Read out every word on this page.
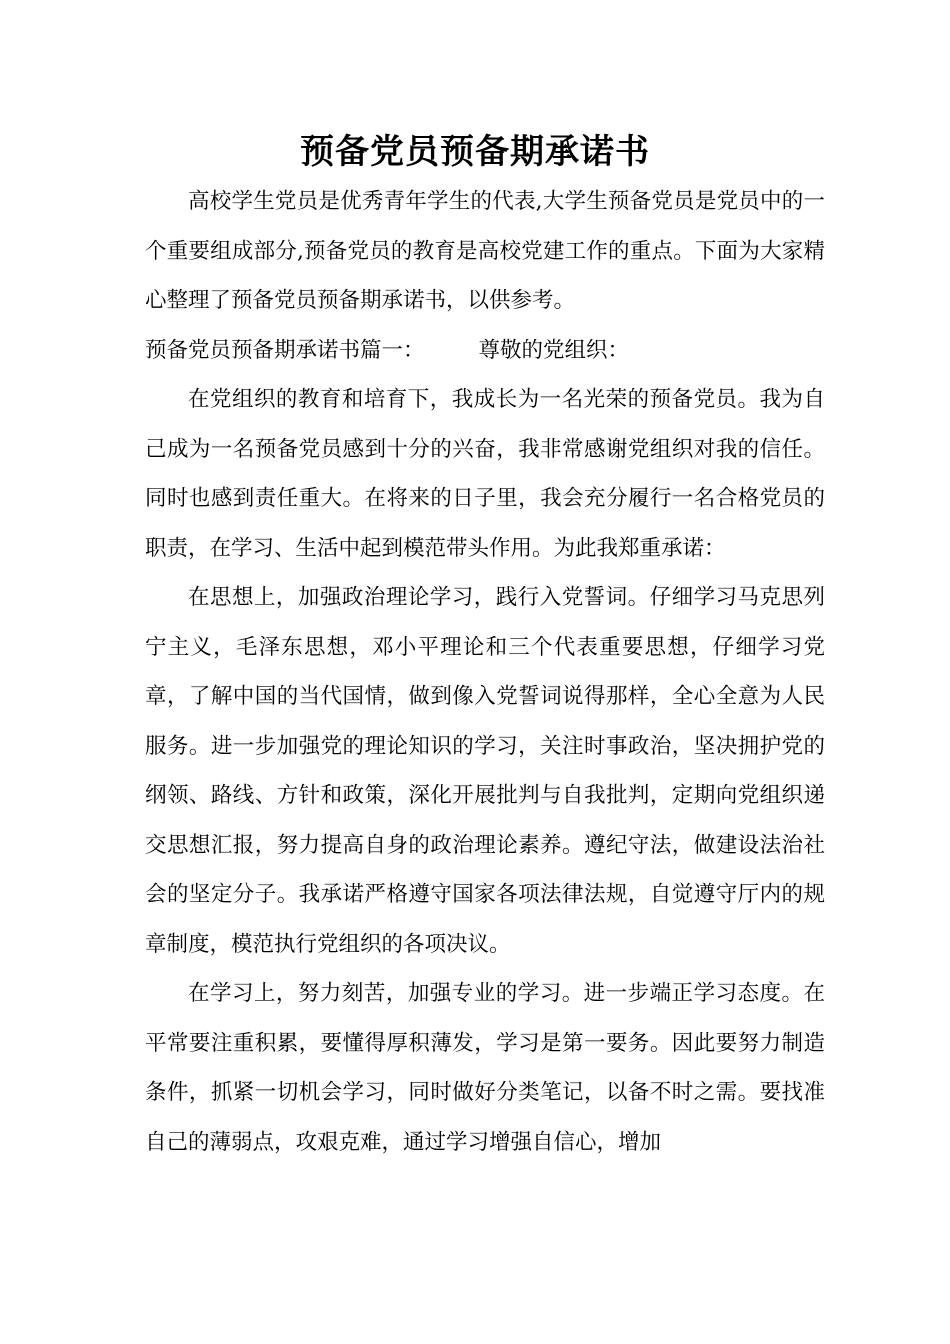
预备党员预备期承诺书

高校学生党员是优秀青年学生的代表,大学生预备党员是党员中的一个重要组成部分,预备党员的教育是高校党建工作的重点。下面为大家精心整理了预备党员预备期承诺书，以供参考。

预备党员预备期承诺书篇一：	尊敬的党组织：

在党组织的教育和培育下，我成长为一名光荣的预备党员。我为自己成为一名预备党员感到十分的兴奋，我非常感谢党组织对我的信任。同时也感到责任重大。在将来的日子里，我会充分履行一名合格党员的职责，在学习、生活中起到模范带头作用。为此我郑重承诺：

在思想上，加强政治理论学习，践行入党誓词。仔细学习马克思列宁主义，毛泽东思想，邓小平理论和三个代表重要思想，仔细学习党章，了解中国的当代国情，做到像入党誓词说得那样，全心全意为人民服务。进一步加强党的理论知识的学习，关注时事政治，坚决拥护党的纲领、路线、方针和政策，深化开展批判与自我批判，定期向党组织递交思想汇报，努力提高自身的政治理论素养。遵纪守法，做建设法治社会的坚定分子。我承诺严格遵守国家各项法律法规，自觉遵守厅内的规章制度，模范执行党组织的各项决议。

在学习上，努力刻苦，加强专业的学习。进一步端正学习态度。在平常要注重积累，要懂得厚积薄发，学习是第一要务。因此要努力制造条件，抓紧一切机会学习，同时做好分类笔记，以备不时之需。要找准自己的薄弱点，攻艰克难，通过学习增强自信心，增加
